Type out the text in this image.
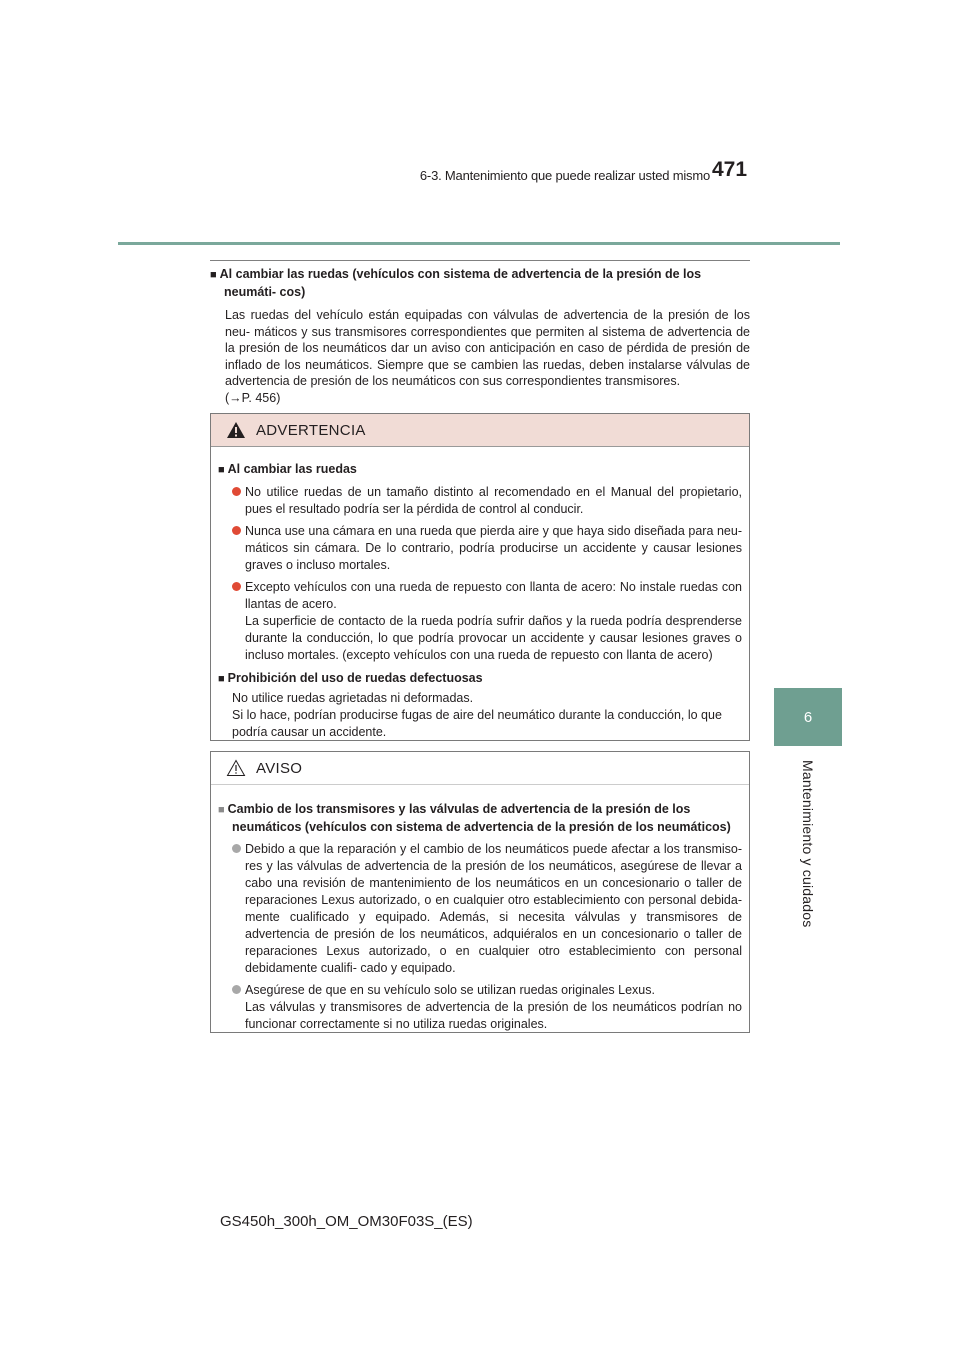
6-3. Mantenimiento que puede realizar usted mismo 471
6
Mantenimiento y cuidados
■ Al cambiar las ruedas (vehículos con sistema de advertencia de la presión de los neumáti- cos)
Las ruedas del vehículo están equipadas con válvulas de advertencia de la presión de los neu- máticos y sus transmisores correspondientes que permiten al sistema de advertencia de la presión de los neumáticos dar un aviso con anticipación en caso de pérdida de presión de inflado de los neumáticos. Siempre que se cambien las ruedas, deben instalarse válvulas de advertencia de presión de los neumáticos con sus correspondientes transmisores.
(→P. 456)
ADVERTENCIA
■ Al cambiar las ruedas
No utilice ruedas de un tamaño distinto al recomendado en el Manual del propietario, pues el resultado podría ser la pérdida de control al conducir.
Nunca use una cámara en una rueda que pierda aire y que haya sido diseñada para neu- máticos sin cámara. De lo contrario, podría producirse un accidente y causar lesiones graves o incluso mortales.
Excepto vehículos con una rueda de repuesto con llanta de acero: No instale ruedas con llantas de acero.
La superficie de contacto de la rueda podría sufrir daños y la rueda podría desprenderse durante la conducción, lo que podría provocar un accidente y causar lesiones graves o incluso mortales. (excepto vehículos con una rueda de repuesto con llanta de acero)
■ Prohibición del uso de ruedas defectuosas
No utilice ruedas agrietadas ni deformadas.
Si lo hace, podrían producirse fugas de aire del neumático durante la conducción, lo que podría causar un accidente.
AVISO
■ Cambio de los transmisores y las válvulas de advertencia de la presión de los neumáticos (vehículos con sistema de advertencia de la presión de los neumáticos)
Debido a que la reparación y el cambio de los neumáticos puede afectar a los transmiso- res y las válvulas de advertencia de la presión de los neumáticos, asegúrese de llevar a cabo una revisión de mantenimiento de los neumáticos en un concesionario o taller de reparaciones Lexus autorizado, o en cualquier otro establecimiento con personal debida- mente cualificado y equipado. Además, si necesita válvulas y transmisores de advertencia de presión de los neumáticos, adquiéralos en un concesionario o taller de reparaciones Lexus autorizado, o en cualquier otro establecimiento con personal debidamente cualifi- cado y equipado.
Asegúrese de que en su vehículo solo se utilizan ruedas originales Lexus.
Las válvulas y transmisores de advertencia de la presión de los neumáticos podrían no funcionar correctamente si no utiliza ruedas originales.
GS450h_300h_OM_OM30F03S_(ES)
